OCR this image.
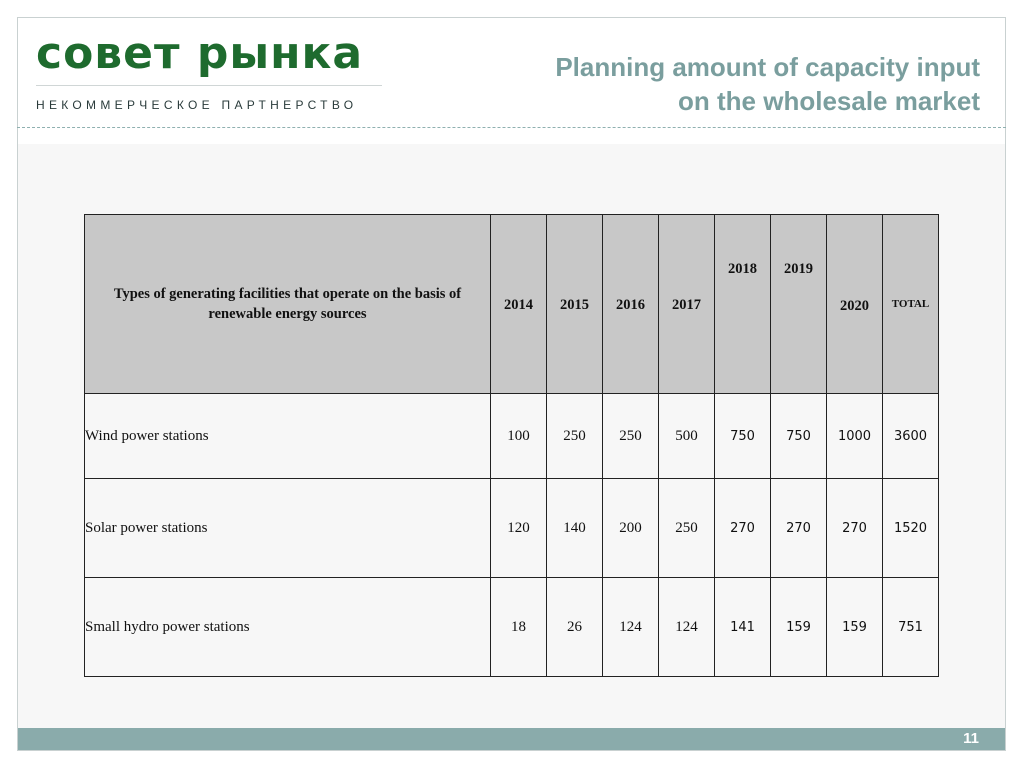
совет рынка
НЕКОММЕРЧЕСКОЕ ПАРТНЕРСТВО
Planning amount of capacity input
on the wholesale market
Types of generating facilities that operate on the basis of renewable energy sources	2014	2015	2016	2017	2018	2019	2020	TOTAL
Wind power stations	100	250	250	500	750	750	1000	3600
Solar power stations	120	140	200	250	270	270	270	1520
Small hydro power stations	18	26	124	124	141	159	159	751
11
